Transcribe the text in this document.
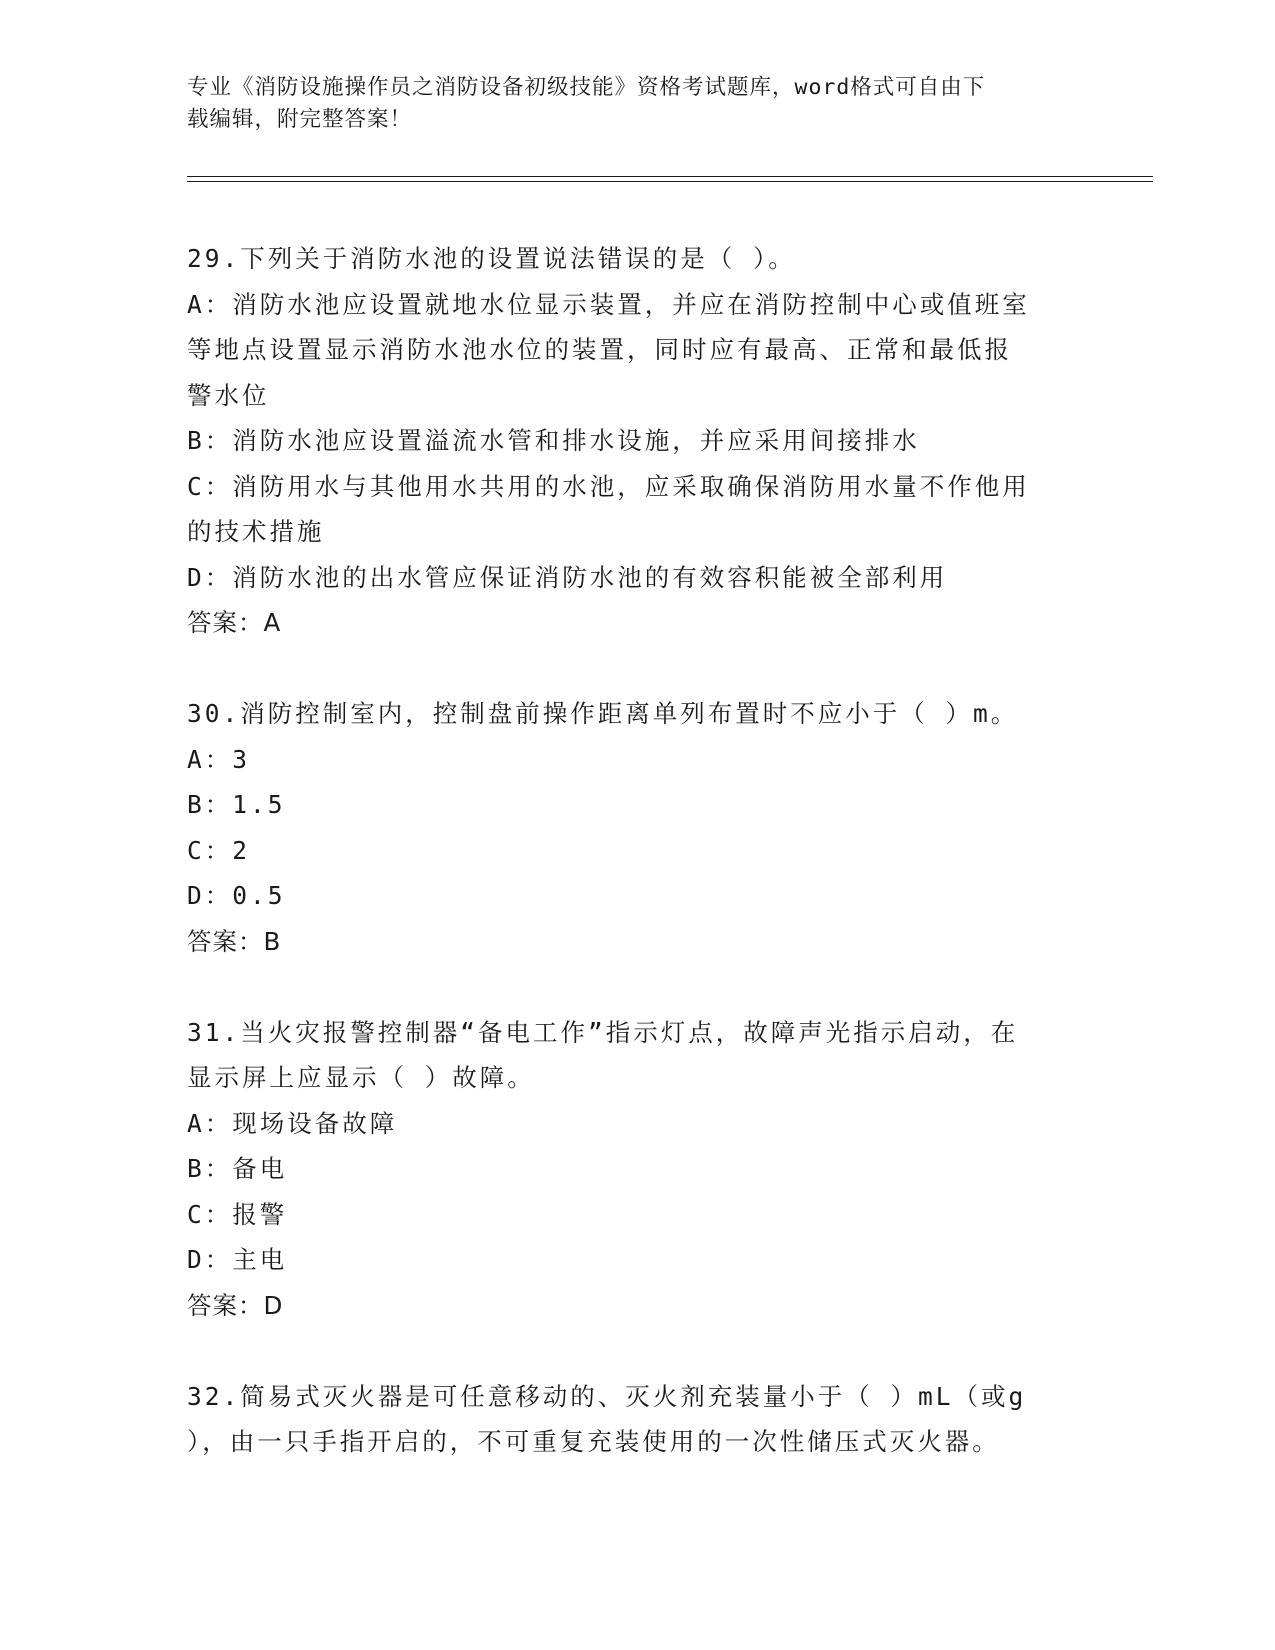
专业《消防设施操作员之消防设备初级技能》资格考试题库，word格式可自由下
载编辑，附完整答案！

29.下列关于消防水池的设置说法错误的是（ ）。

A：消防水池应设置就地水位显示装置，并应在消防控制中心或值班室
等地点设置显示消防水池水位的装置，同时应有最高、正常和最低报
警水位
B：消防水池应设置溢流水管和排水设施，并应采用间接排水
C：消防用水与其他用水共用的水池，应采取确保消防用水量不作他用
的技术措施
D：消防水池的出水管应保证消防水池的有效容积能被全部利用
答案：A

30.消防控制室内，控制盘前操作距离单列布置时不应小于（ ）m。

A：3
B：1.5
C：2
D：0.5
答案：B

31.当火灾报警控制器“备电工作”指示灯点，故障声光指示启动，在

显示屏上应显示（ ）故障。

A：现场设备故障
B：备电
C：报警
D：主电
答案：D

32.简易式灭火器是可任意移动的、灭火剂充装量小于（ ）mL（或g

），由一只手指开启的，不可重复充装使用的一次性储压式灭火器。
